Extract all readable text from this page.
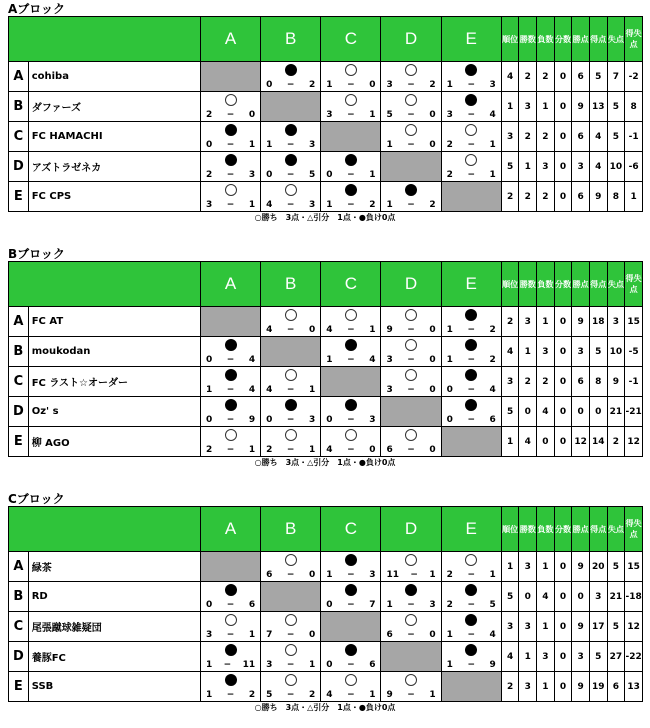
Aブロック
		A	B	C	D	E	順位	勝数	負数	分数	勝点	得点	失点	得失点
A	cohiba		0 − 2	1 − 0	3 − 2	1 − 3	4	2	2	0	6	5	7	-2
B	ダファーズ	2 − 0		3 − 1	5 − 0	3 − 4	1	3	1	0	9	13	5	8
C	FC HAMACHI	0 − 1	1 − 3		1 − 0	2 − 1	3	2	2	0	6	4	5	-1
D	アズトラゼネカ	2 − 3	0 − 5	0 − 1		2 − 1	5	1	3	0	3	4	10	-6
E	FC CPS	3 − 1	4 − 3	1 − 2	1 − 2		2	2	2	0	6	9	8	1
○勝ち　3点・△引分　1点・●負け0点
Bブロック
		A	B	C	D	E	順位	勝数	負数	分数	勝点	得点	失点	得失点
A	FC AT		4 − 0	4 − 1	9 − 0	1 − 2	2	3	1	0	9	18	3	15
B	moukodan	0 − 4		1 − 4	3 − 0	1 − 2	4	1	3	0	3	5	10	-5
C	FC ラスト☆オーダー	1 − 4	4 − 1		3 − 0	0 − 4	3	2	2	0	6	8	9	-1
D	Oz' s	0 − 9	0 − 3	0 − 3		0 − 6	5	0	4	0	0	0	21	-21
E	柳 AGO	2 − 1	2 − 1	4 − 0	6 − 0		1	4	0	0	12	14	2	12
○勝ち　3点・△引分　1点・●負け0点
Cブロック
		A	B	C	D	E	順位	勝数	負数	分数	勝点	得点	失点	得失点
A	緑茶		6 − 0	1 − 3	11 − 1	2 − 1	1	3	1	0	9	20	5	15
B	RD	0 − 6		0 − 7	1 − 3	2 − 5	5	0	4	0	0	3	21	-18
C	尾張蹴球雑疑団	3 − 1	7 − 0		6 − 0	1 − 4	3	3	1	0	9	17	5	12
D	養豚FC	1 − 11	3 − 1	0 − 6		1 − 9	4	1	3	0	3	5	27	-22
E	SSB	1 − 2	5 − 2	4 − 1	9 − 1		2	3	1	0	9	19	6	13
○勝ち　3点・△引分　1点・●負け0点
